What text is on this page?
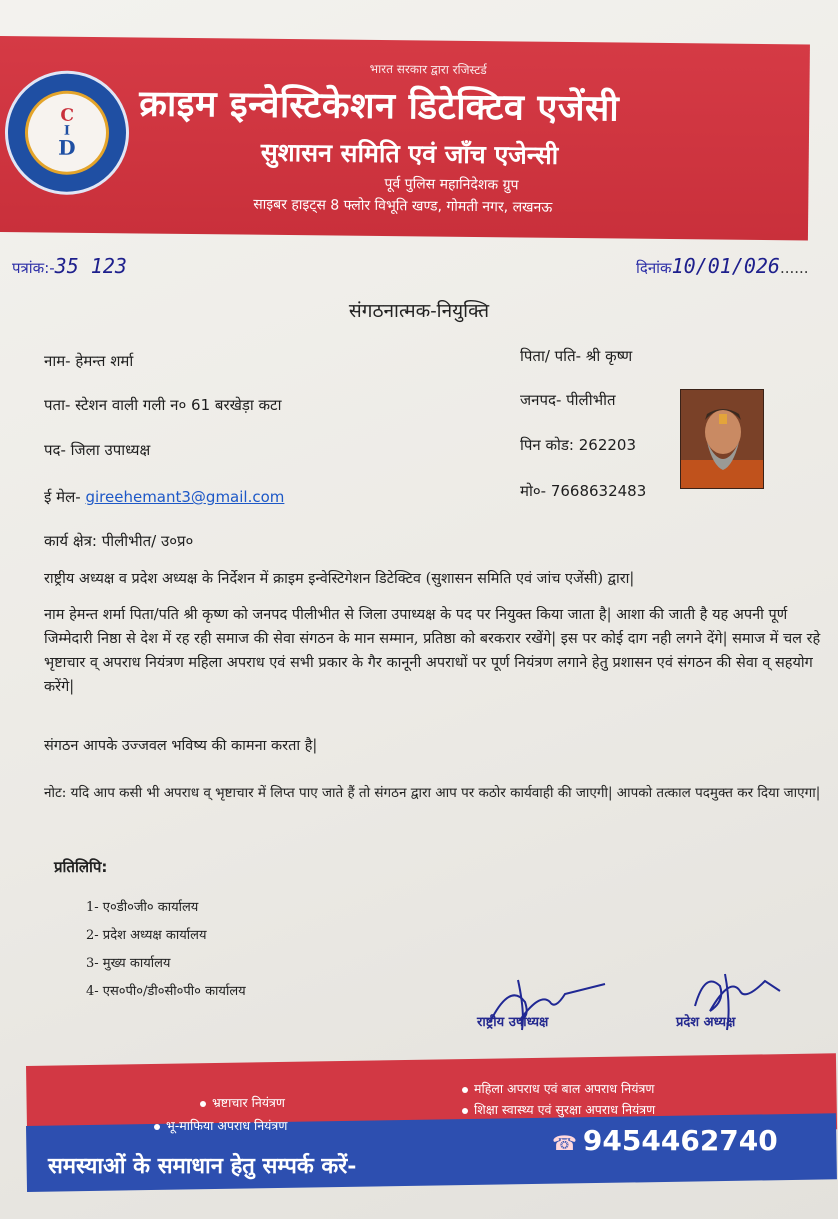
C
I
D
भारत सरकार द्वारा रजिस्टर्ड
क्राइम इन्वेस्टिकेशन डिटेक्टिव एजेंसी
सुशासन समिति एवं जाँच एजेन्सी
पूर्व पुलिस महानिदेशक ग्रुप
साइबर हाइट्स 8 फ्लोर विभूति खण्ड, गोमती नगर, लखनऊ
पत्रांक:-35 123	दिनांक10/01/026......
संगठनात्मक-नियुक्ति
नाम- हेमन्त शर्मा
पता- स्टेशन वाली गली न० 61 बरखेड़ा कटा
पद- जिला उपाध्यक्ष
ई मेल- gireehemant3@gmail.com
कार्य क्षेत्र: पीलीभीत/ उ०प्र०
पिता/ पति- श्री कृष्ण
जनपद- पीलीभीत
पिन कोड: 262203
मो०- 7668632483
राष्ट्रीय अध्यक्ष व प्रदेश अध्यक्ष के निर्देशन में क्राइम इन्वेस्टिगेशन डिटेक्टिव (सुशासन समिति एवं जांच एजेंसी) द्वारा|
नाम हेमन्त शर्मा पिता/पति श्री कृष्ण को जनपद पीलीभीत से जिला उपाध्यक्ष के पद पर नियुक्त किया जाता है| आशा की जाती है यह अपनी पूर्ण जिम्मेदारी निष्ठा से देश में रह रही समाज की सेवा संगठन के मान सम्मान, प्रतिष्ठा को बरकरार रखेंगे| इस पर कोई दाग नही लगने देंगे| समाज में चल रहे भृष्टाचार व् अपराध नियंत्रण महिला अपराध एवं सभी प्रकार के गैर कानूनी अपराधों पर पूर्ण नियंत्रण लगाने हेतु प्रशासन एवं संगठन की सेवा व् सहयोग करेंगे|
संगठन आपके उज्जवल भविष्य की कामना करता है|
नोट: यदि आप कसी भी अपराध व् भृष्टाचार में लिप्त पाए जाते हैं तो संगठन द्वारा आप पर कठोर कार्यवाही की जाएगी| आपको तत्काल पदमुक्त कर दिया जाएगा|
प्रतिलिपि:
1- ए०डी०जी० कार्यालय
2- प्रदेश अध्यक्ष कार्यालय
3- मुख्य कार्यालय
4- एस०पी०/डी०सी०पी० कार्यालय
राष्ट्रीय उपाध्यक्ष	प्रदेश अध्यक्ष
भ्रष्टाचार नियंत्रण
भू-माफिया अपराध नियंत्रण
महिला अपराध एवं बाल अपराध नियंत्रण
शिक्षा स्वास्थ्य एवं सुरक्षा अपराध नियंत्रण
समस्याओं के समाधान हेतु सम्पर्क करें-
☎ 9454462740
